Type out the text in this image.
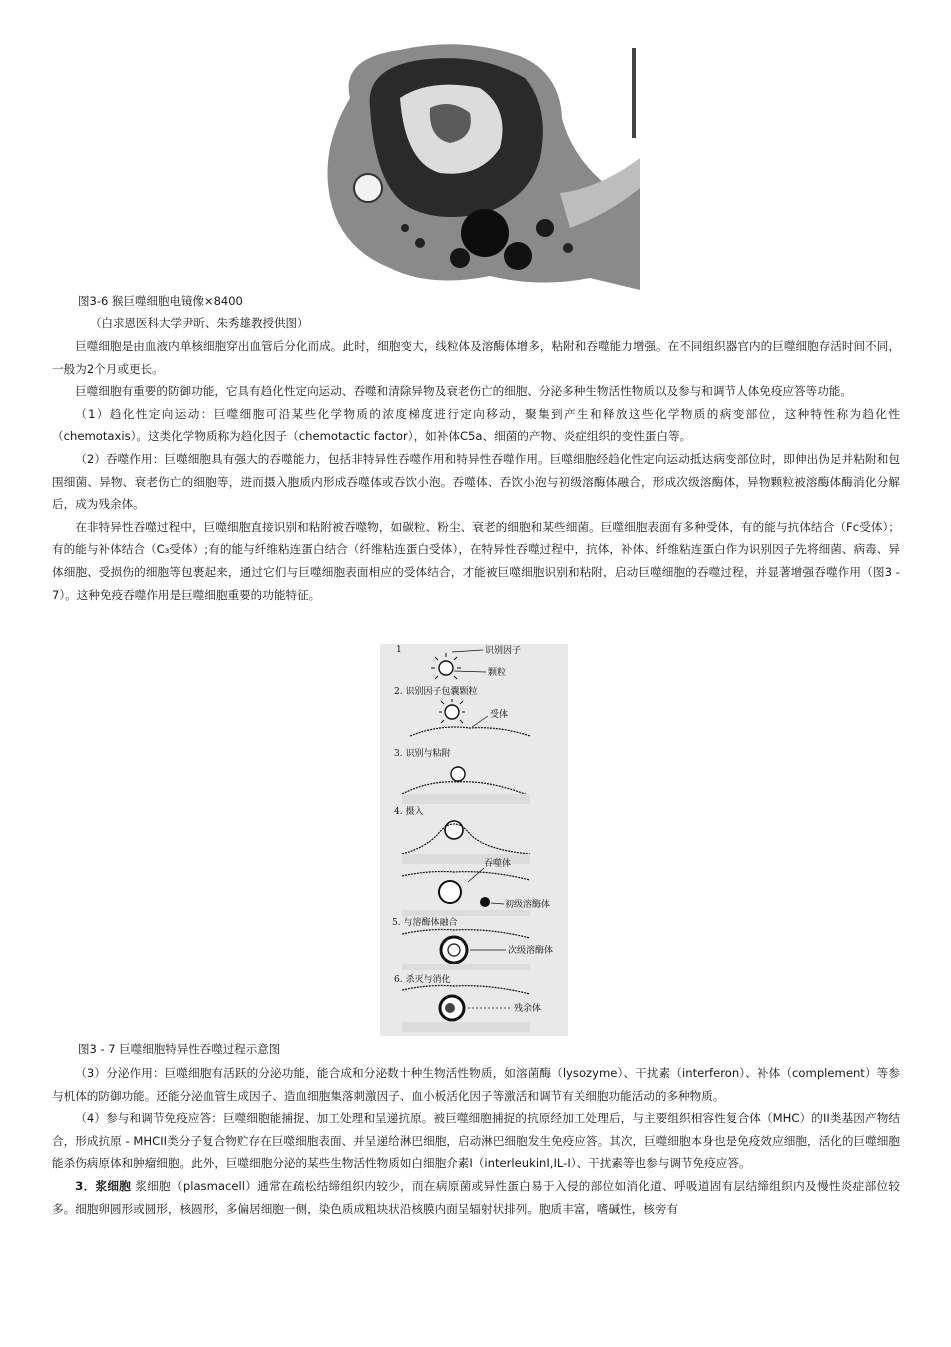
图3-6 猴巨噬细胞电镜像×8400
（白求恩医科大学尹昕、朱秀雄教授供图）

巨噬细胞是由血液内单核细胞穿出血管后分化而成。此时，细胞变大，线粒体及溶酶体增多，粘附和吞噬能力增强。在不同组织器官内的巨噬细胞存活时间不同，一般为2个月或更长。

巨噬细胞有重要的防御功能，它具有趋化性定向运动、吞噬和清除异物及衰老伤亡的细胞、分泌多种生物活性物质以及参与和调节人体免疫应答等功能。

（1）趋化性定向运动：巨噬细胞可沿某些化学物质的浓度梯度进行定向移动，聚集到产生和释放这些化学物质的病变部位，这种特性称为趋化性（chemotaxis）。这类化学物质称为趋化因子（chemotactic factor），如补体C5a、细菌的产物、炎症组织的变性蛋白等。

（2）吞噬作用：巨噬细胞具有强大的吞噬能力，包括非特异性吞噬作用和特异性吞噬作用。巨噬细胞经趋化性定向运动抵达病变部位时，即伸出伪足并粘附和包围细菌、异物、衰老伤亡的细胞等，进而摄入胞质内形成吞噬体或吞饮小泡。吞噬体、吞饮小泡与初级溶酶体融合，形成次级溶酶体，异物颗粒被溶酶体酶消化分解后，成为残余体。

在非特异性吞噬过程中，巨噬细胞直接识别和粘附被吞噬物，如碳粒、粉尘、衰老的细胞和某些细菌。巨噬细胞表面有多种受体，有的能与抗体结合（Fc受体）；有的能与补体结合（C₃受体）;有的能与纤维粘连蛋白结合（纤维粘连蛋白受体），在特异性吞噬过程中，抗体，补体、纤维粘连蛋白作为识别因子先将细菌、病毒、异体细胞、受损伤的细胞等包裹起来，通过它们与巨噬细胞表面相应的受体结合，才能被巨噬细胞识别和粘附，启动巨噬细胞的吞噬过程，并显著增强吞噬作用（图3 - 7）。这种免疫吞噬作用是巨噬细胞重要的功能特征。

1	识别因子
颗粒
2. 识别因子包囊颗粒
受体
3. 识别与粘附
4. 摄入
吞噬体
初级溶酶体
5. 与溶酶体融合
次级溶酶体
6. 杀灭与消化
残余体
图3 - 7 巨噬细胞特异性吞噬过程示意图

（3）分泌作用：巨噬细胞有活跃的分泌功能，能合成和分泌数十种生物活性物质，如溶菌酶（lysozyme）、干扰素（interferon）、补体（complement）等参与机体的防御功能。还能分泌血管生成因子、造血细胞集落刺激因子、血小板活化因子等激活和调节有关细胞功能活动的多种物质。

（4）参与和调节免疫应答：巨噬细胞能捕捉、加工处理和呈递抗原。被巨噬细胞捕捉的抗原经加工处理后，与主要组织相容性复合体（MHC）的II类基因产物结合，形成抗原 - MHCII类分子复合物贮存在巨噬细胞表面、并呈递给淋巴细胞，启动淋巴细胞发生免疫应答。其次，巨噬细胞本身也是免疫效应细胞，活化的巨噬细胞能杀伤病原体和肿瘤细胞。此外，巨噬细胞分泌的某些生物活性物质如白细胞介素I（interleukinI,IL-I）、干扰素等也参与调节免疫应答。

3．浆细胞 浆细胞（plasmacell）通常在疏松结缔组织内较少，而在病原菌或异性蛋白易于入侵的部位如消化道、呼吸道固有层结缔组织内及慢性炎症部位较多。细胞卵圆形或圆形，核圆形，多偏居细胞一侧，染色质成粗块状沿核膜内面呈辐射状排列。胞质丰富，嗜碱性，核旁有
